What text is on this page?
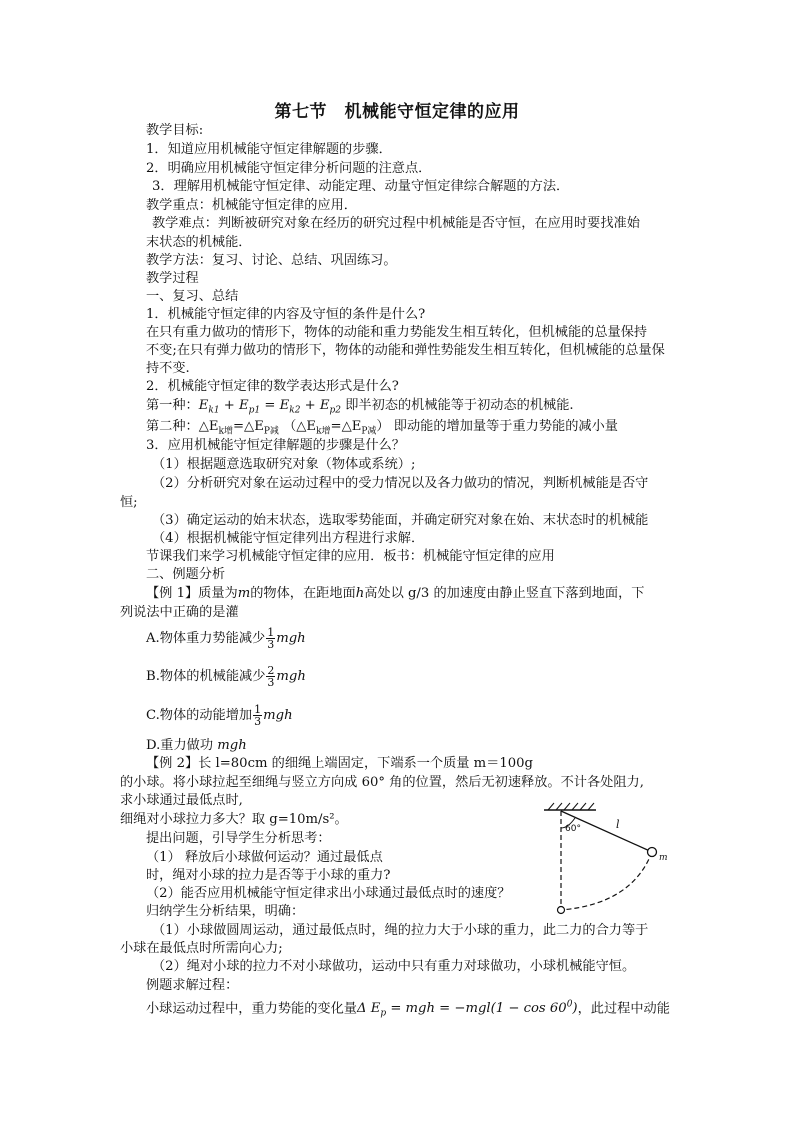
第七节　机械能守恒定律的应用
教学目标:
1．知道应用机械能守恒定律解题的步骤．
2．明确应用机械能守恒定律分析问题的注意点．
3．理解用机械能守恒定律、动能定理、动量守恒定律综合解题的方法．
教学重点：机械能守恒定律的应用．
教学难点：判断被研究对象在经历的研究过程中机械能是否守恒，在应用时要找准始
末状态的机械能．
教学方法：复习、讨论、总结、巩固练习。
教学过程
一、复习、总结
1．机械能守恒定律的内容及守恒的条件是什么?
在只有重力做功的情形下，物体的动能和重力势能发生相互转化，但机械能的总量保持
不变;在只有弹力做功的情形下，物体的动能和弹性势能发生相互转化，但机械能的总量保
持不变.
2．机械能守恒定律的数学表达形式是什么?
第一种：$E_{k1} + E_{p1} = E_{k2} + E_{p2}$ 即半初态的机械能等于初动态的机械能.
第二种：$\triangle E_{k增}=\triangle E_{P减}$ $(\triangle E_{k增}=\triangle E_{P减})$ 即动能的增加量等于重力势能的减小量
3．应用机械能守恒定律解题的步骤是什么？
（1）根据题意选取研究对象（物体或系统）;
（2）分析研究对象在运动过程中的受力情况以及各力做功的情况，判断机械能是否守
恒;
（3）确定运动的始末状态，选取零势能面，并确定研究对象在始、末状态时的机械能
（4）根据机械能守恒定律列出方程进行求解．
节课我们来学习机械能守恒定律的应用．板书：机械能守恒定律的应用
二、例题分析
【例 1】质量为m的物体，在距地面h高处以 g/3 的加速度由静止竖直下落到地面，下
列说法中正确的是灌
A.物体重力势能减少 $\frac{1}{3}$ mgh
B.物体的机械能减少 $\frac{2}{3}$ mgh
C.物体的动能增加 $\frac{1}{3}$ mgh
D.重力做功 mgh
【例 2】长 l=80cm 的细绳上端固定，下端系一个质量 m＝100g
的小球。将小球拉起至细绳与竖立方向成 60° 角的位置，然后无初速释放。不计各处阻力,
求小球通过最低点时,
细绳对小球拉力多大？取 g=10m/s²。
提出问题，引导学生分析思考：
（1） 释放后小球做何运动？通过最低点
时，绳对小球的拉力是否等于小球的重力?
（2）能否应用机械能守恒定律求出小球通过最低点时的速度？
归纳学生分析结果，明确：
（1）小球做圆周运动，通过最低点时，绳的拉力大于小球的重力，此二力的合力等于
小球在最低点时所需向心力;
（2）绳对小球的拉力不对小球做功，运动中只有重力对球做功，小球机械能守恒。
例题求解过程：
小球运动过程中，重力势能的变化量Δ $E_p$ = mgh = $-mgl(1 - \cos 60^0)$，此过程中动能
60°	l
m
